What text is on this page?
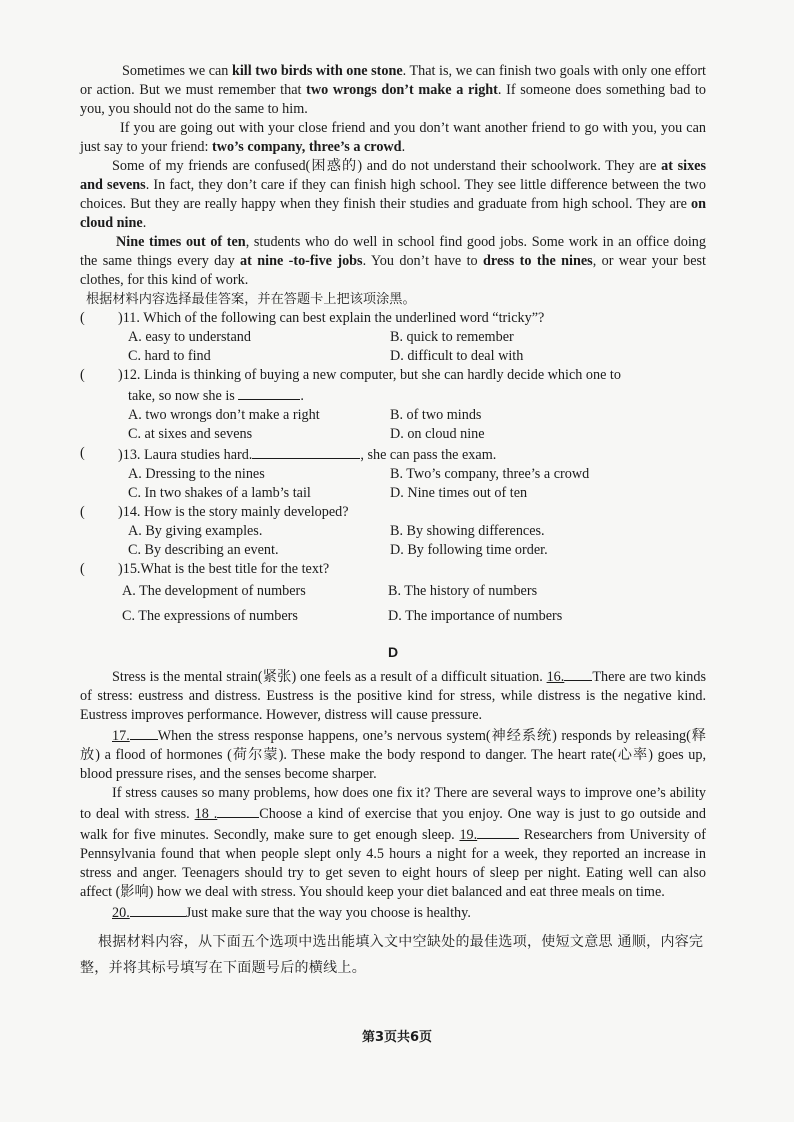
Sometimes we can kill two birds with one stone. That is, we can finish two goals with only one effort or action. But we must remember that two wrongs don’t make a right. If someone does something bad to you, you should not do the same to him.

If you are going out with your close friend and you don’t want another friend to go with you, you can just say to your friend: two’s company, three’s a crowd.

Some of my friends are confused(困惑的) and do not understand their schoolwork. They are at sixes and sevens. In fact, they don’t care if they can finish high school. They see little difference between the two choices. But they are really happy when they finish their studies and graduate from high school. They are on cloud nine.

Nine times out of ten, students who do well in school find good jobs. Some work in an office doing the same things every day at nine -to-five jobs. You don’t have to dress to the nines, or wear your best clothes, for this kind of work.

根据材料内容选择最佳答案，并在答题卡上把该项涂黑。

( )11. Which of the following can best explain the underlined word “tricky”?
A. easy to understand	B. quick to remember
C. hard to find	D. difficult to deal with
( )12. Linda is thinking of buying a new computer, but she can hardly decide which one to
take, so now she is	.
A. two wrongs don’t make a right	B. of two minds
C. at sixes and sevens	D. on cloud nine
( )13. Laura studies hard.	, she can pass the exam.
A. Dressing to the nines	B. Two’s company, three’s a crowd
C. In two shakes of a lamb’s tail	D. Nine times out of ten
( )14. How is the story mainly developed?
A. By giving examples.	B. By showing differences.
C. By describing an event.	D. By following time order.
( )15.What is the best title for the text?
A. The development of numbers	B. The history of numbers
C. The expressions of numbers	D. The importance of numbers
D

Stress is the mental strain(紧张) one feels as a result of a difficult situation. 16. There are two kinds of stress: eustress and distress. Eustress is the positive kind for stress, while distress is the negative kind. Eustress improves performance. However, distress will cause pressure.

17. When the stress response happens, one’s nervous system(神经系统) responds by releasing(释放) a flood of hormones (荷尔蒙). These make the body respond to danger. The heart rate(心率) goes up, blood pressure rises, and the senses become sharper.

If stress causes so many problems, how does one fix it? There are several ways to improve one’s ability to deal with stress. 18 .	Choose a kind of exercise that you enjoy. One way is just to go outside and walk for five minutes. Secondly, make sure to get enough sleep. 19.	Researchers from University of Pennsylvania found that when people slept only 4.5 hours a night for a week, they reported an increase in stress and anger. Teenagers should try to get seven to eight hours of sleep per night. Eating well can also affect (影响) how we deal with stress. You should keep your diet balanced and eat three meals on time.

20.	Just make sure that the way you choose is healthy.

根据材料内容，从下面五个选项中选出能填入文中空缺处的最佳选项，使短文意思 通顺，内容完整，并将其标号填写在下面题号后的横线上。

第3页共6页
